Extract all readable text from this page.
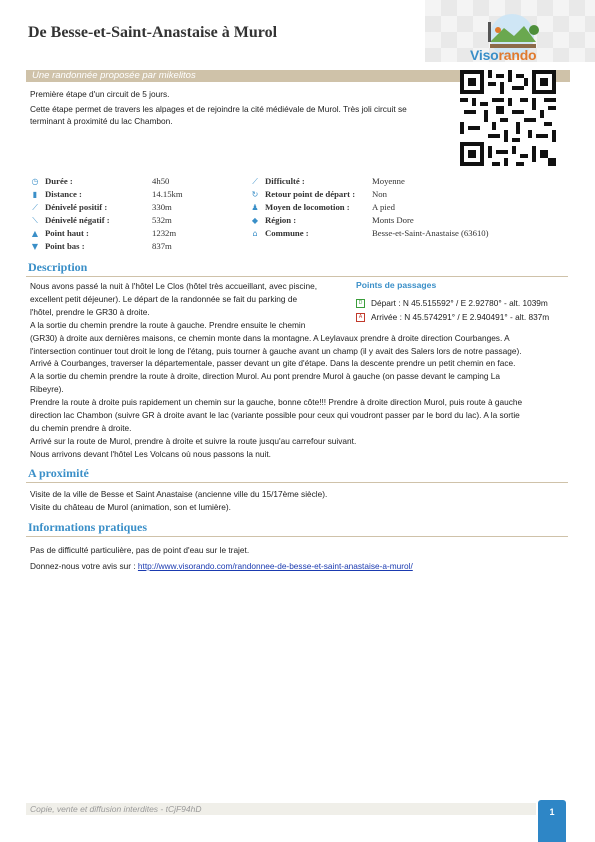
De Besse-et-Saint-Anastaise à Murol
Visorando
Une randonnée proposée par mikelitos

Première étape d'un circuit de 5 jours.

Cette étape permet de travers les alpages et de rejoindre la cité médiévale de Murol. Très joli circuit se terminant à proximité du lac Chambon.

◷ Durée :	4h50
▮ Distance :	14.15km
⟋ Dénivelé positif :	330m
⟍ Dénivelé négatif :	532m
▲ Point haut :	1232m
▼ Point bas :	837m
⟋ Difficulté :	Moyenne
↻ Retour point de départ : Non
♟ Moyen de locomotion :	A pied
◆ Région :	Monts Dore
⌂ Commune :	Besse-et-Saint-Anastaise (63610)
Description

Nous avons passé la nuit à l'hôtel Le Clos (hôtel très accueillant, avec piscine,

excellent petit déjeuner). Le départ de la randonnée se fait du parking de

l'hôtel, prendre le GR30 à droite.

A la sortie du chemin prendre la route à gauche. Prendre ensuite le chemin

(GR30) à droite aux dernières maisons, ce chemin monte dans la montagne. A Leylavaux prendre à droite direction Courbanges. A

l'intersection continuer tout droit le long de l'étang, puis tourner à gauche avant un champ (il y avait des Salers lors de notre passage).

Arrivé à Courbanges, traverser la départementale, passer devant un gite d'étape. Dans la descente prendre un petit chemin en face.

A la sortie du chemin prendre la route à droite, direction Murol. Au pont prendre Murol à gauche (on passe devant le camping La

Ribeyre).

Prendre la route à droite puis rapidement un chemin sur la gauche, bonne côte!!! Prendre à droite direction Murol, puis route à gauche

direction lac Chambon (suivre GR à droite avant le lac (variante possible pour ceux qui voudront passer par le bord du lac). A la sortie

du chemin prendre à droite.

Arrivé sur la route de Murol, prendre à droite et suivre la route jusqu'au carrefour suivant.

Nous arrivons devant l'hôtel Les Volcans où nous passons la nuit.

Points de passages
D Départ : N 45.515592° / E 2.92780° - alt. 1039m
A Arrivée : N 45.574291° / E 2.940491° - alt. 837m
A proximité

Visite de la ville de Besse et Saint Anastaise (ancienne ville du 15/17ème siècle).

Visite du château de Murol (animation, son et lumière).

Informations pratiques

Pas de difficulté particulière, pas de point d'eau sur le trajet.

Donnez-nous votre avis sur : http://www.visorando.com/randonnee-de-besse-et-saint-anastaise-a-murol/

Copie, vente et diffusion interdites - tCjF94hD	1
